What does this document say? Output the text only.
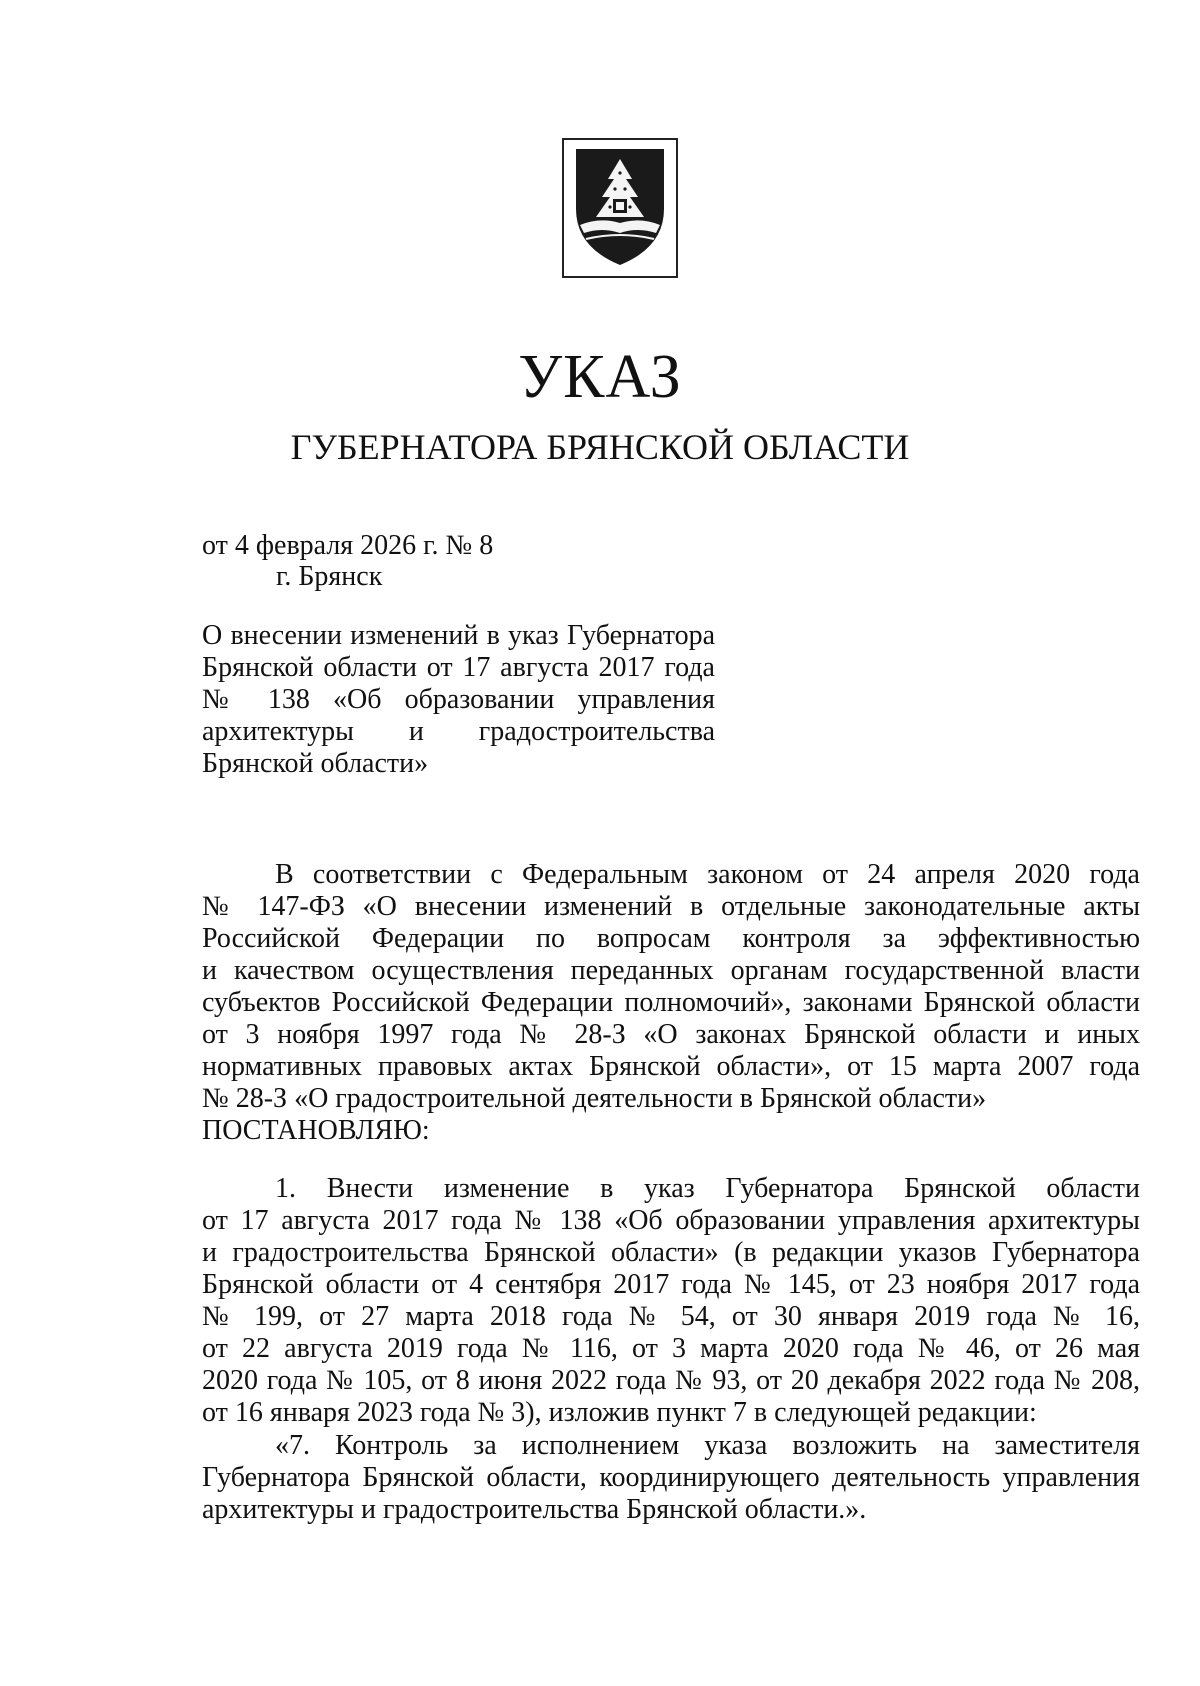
УКАЗ
ГУБЕРНАТОРА БРЯНСКОЙ ОБЛАСТИ
от 4 февраля 2026 г. № 8
г. Брянск
О внесении изменений в указ Губернатора
Брянской области от 17 августа 2017 года
№ 138 «Об образовании управления
архитектуры и градостроительства
Брянской области»
В соответствии с Федеральным законом от 24 апреля 2020 года
№ 147-ФЗ «О внесении изменений в отдельные законодательные акты
Российской Федерации по вопросам контроля за эффективностью
и качеством осуществления переданных органам государственной власти
субъектов Российской Федерации полномочий», законами Брянской области
от 3 ноября 1997 года № 28-З «О законах Брянской области и иных
нормативных правовых актах Брянской области», от 15 марта 2007 года
№ 28-З «О градостроительной деятельности в Брянской области»
ПОСТАНОВЛЯЮ:
1. Внести изменение в указ Губернатора Брянской области
от 17 августа 2017 года № 138 «Об образовании управления архитектуры
и градостроительства Брянской области» (в редакции указов Губернатора
Брянской области от 4 сентября 2017 года № 145, от 23 ноября 2017 года
№ 199, от 27 марта 2018 года № 54, от 30 января 2019 года № 16,
от 22 августа 2019 года № 116, от 3 марта 2020 года № 46, от 26 мая
2020 года № 105, от 8 июня 2022 года № 93, от 20 декабря 2022 года № 208,
от 16 января 2023 года № 3), изложив пункт 7 в следующей редакции:
«7. Контроль за исполнением указа возложить на заместителя
Губернатора Брянской области, координирующего деятельность управления
архитектуры и градостроительства Брянской области.».
